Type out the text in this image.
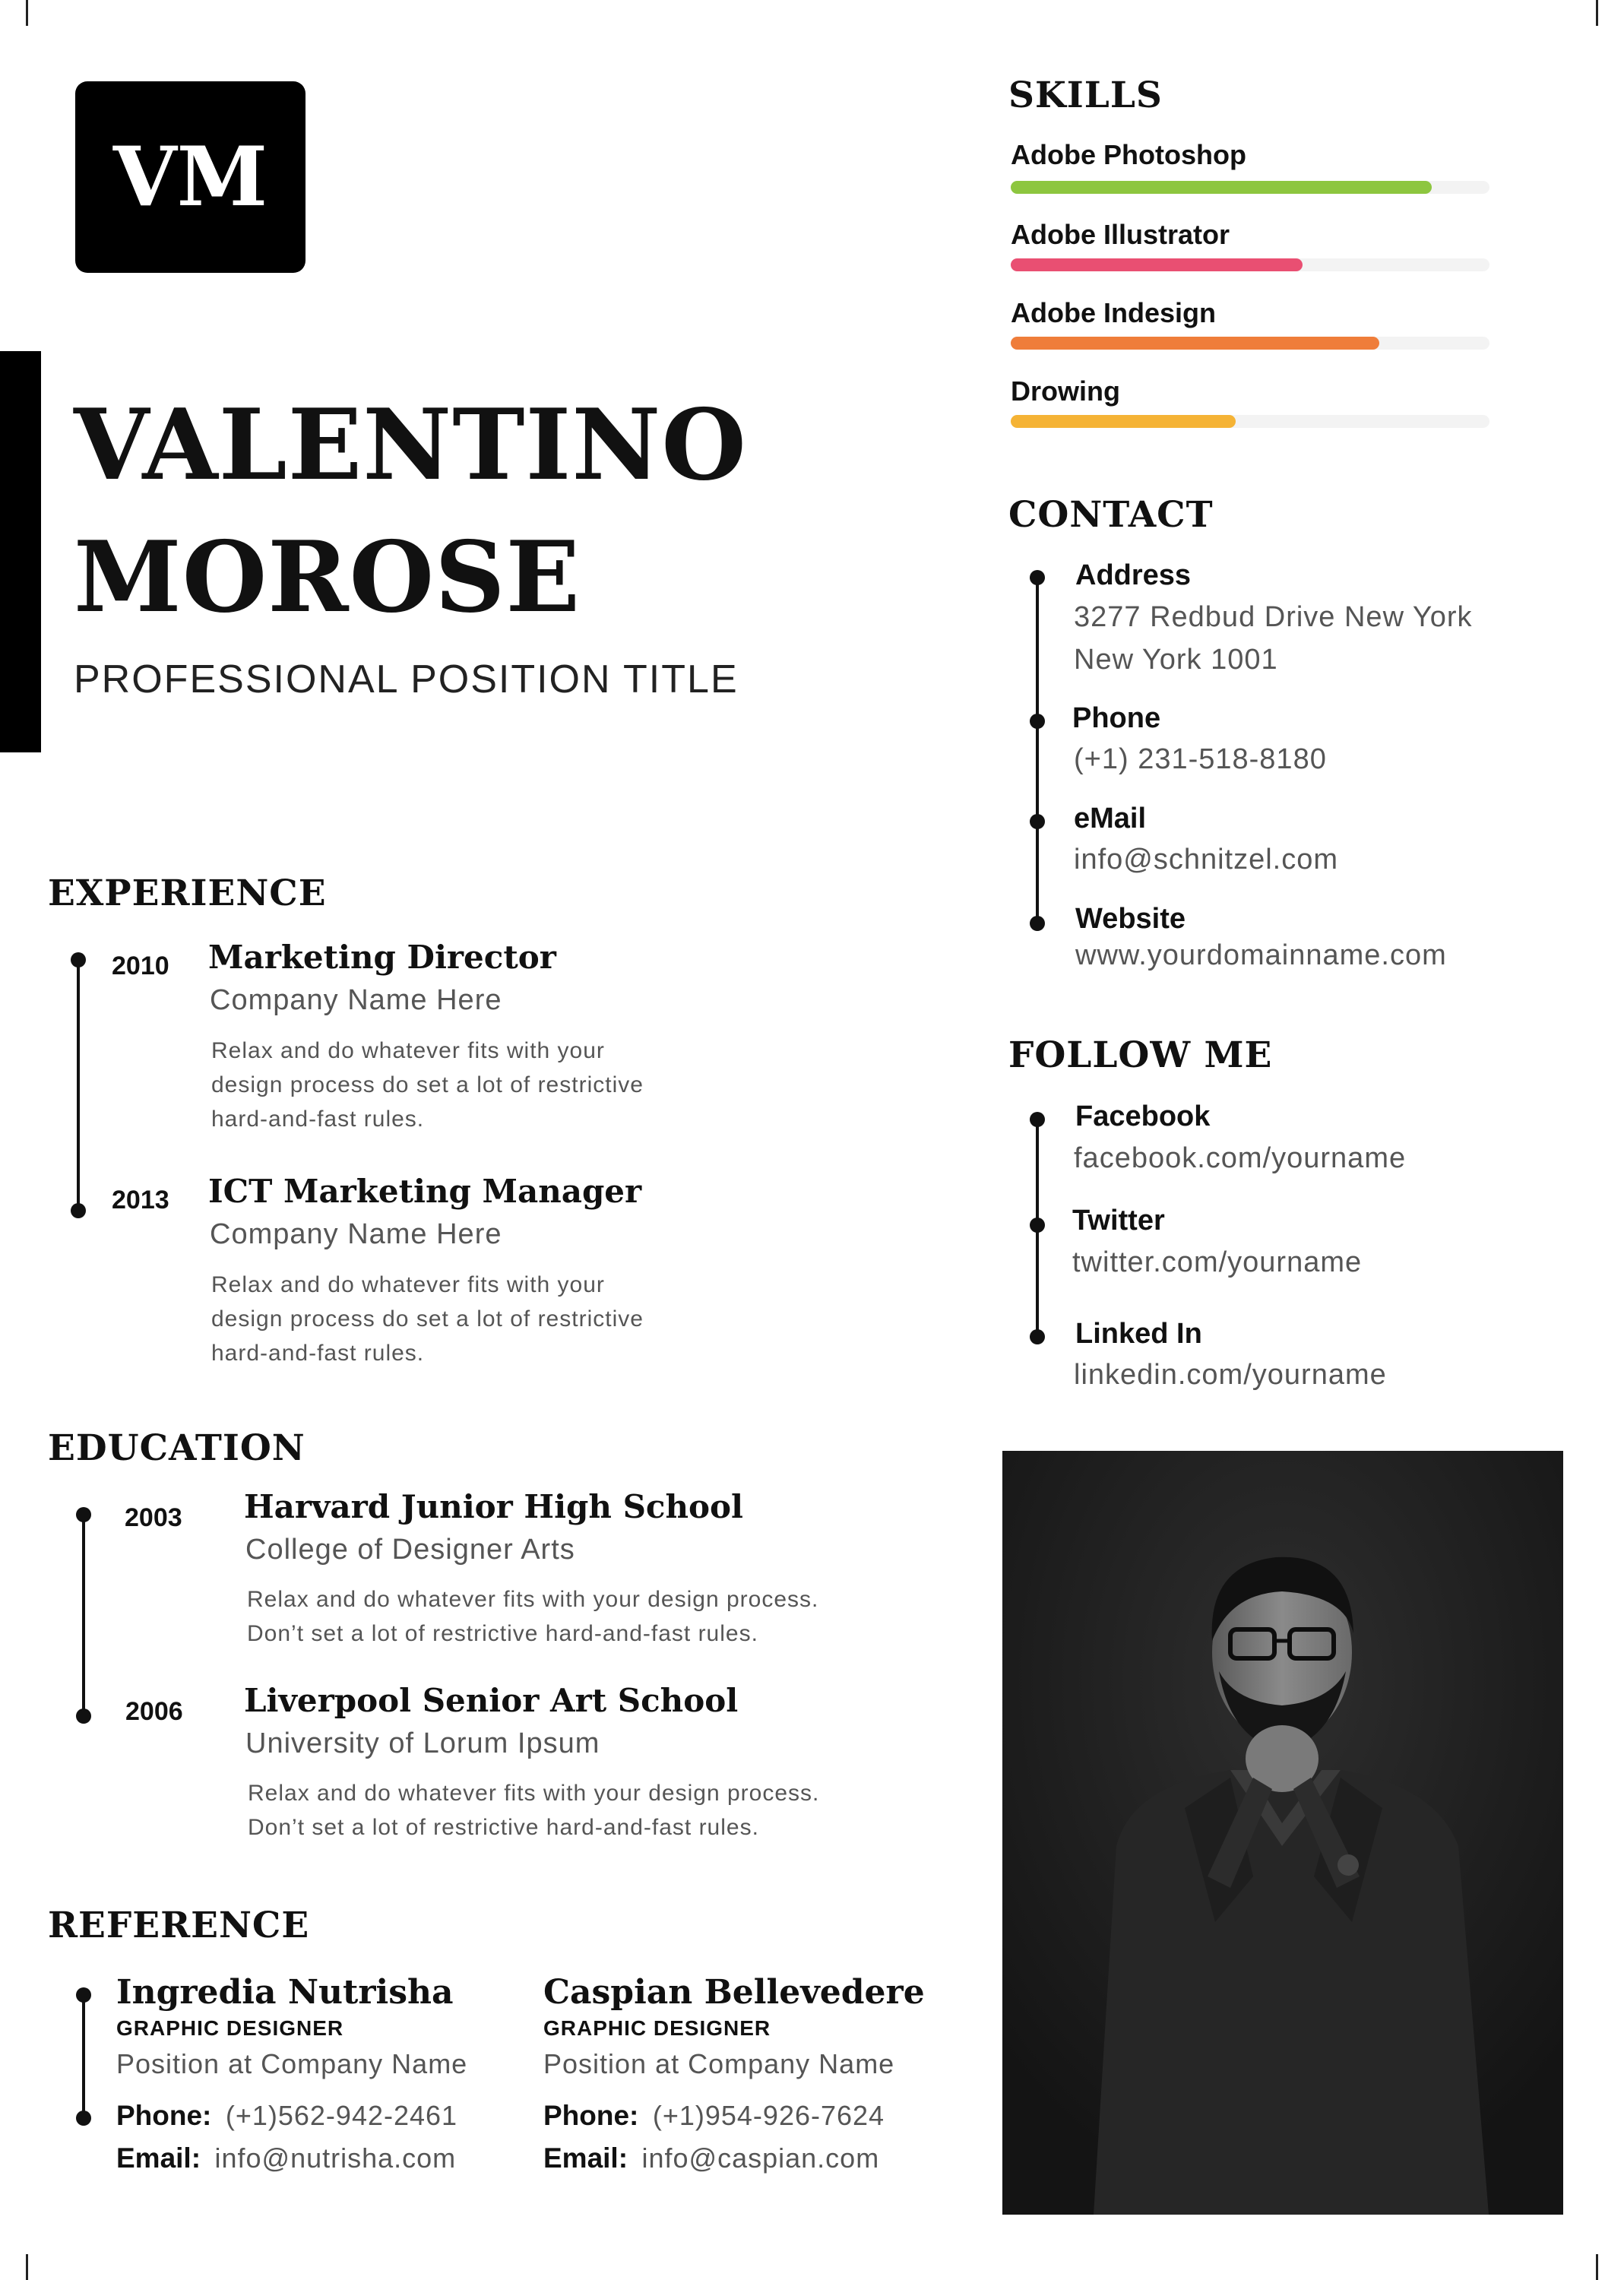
VM
VALENTINO
MOROSE
PROFESSIONAL POSITION TITLE
EXPERIENCE
2010 Marketing Director
Company Name Here
Relax and do whatever fits with your
design process do set a lot of restrictive
hard-and-fast rules.
2013 ICT Marketing Manager
Company Name Here
Relax and do whatever fits with your
design process do set a lot of restrictive
hard-and-fast rules.
EDUCATION
2003 Harvard Junior High School
College of Designer Arts
Relax and do whatever fits with your design process.
Don’t set a lot of restrictive hard-and-fast rules.
2006 Liverpool Senior Art School
University of Lorum Ipsum
Relax and do whatever fits with your design process.
Don’t set a lot of restrictive hard-and-fast rules.
REFERENCE
Ingredia Nutrisha
GRAPHIC DESIGNER
Position at Company Name
Phone: (+1)562-942-2461
Email: info@nutrisha.com
Caspian Bellevedere
GRAPHIC DESIGNER
Position at Company Name
Phone: (+1)954-926-7624
Email: info@caspian.com
SKILLS
Adobe Photoshop
Adobe Illustrator
Adobe Indesign
Drowing
CONTACT
Address
3277 Redbud Drive New York
New York 1001
Phone
(+1) 231-518-8180
eMail
info@schnitzel.com
Website
www.yourdomainname.com
FOLLOW ME
Facebook
facebook.com/yourname
Twitter
twitter.com/yourname
Linked In
linkedin.com/yourname
